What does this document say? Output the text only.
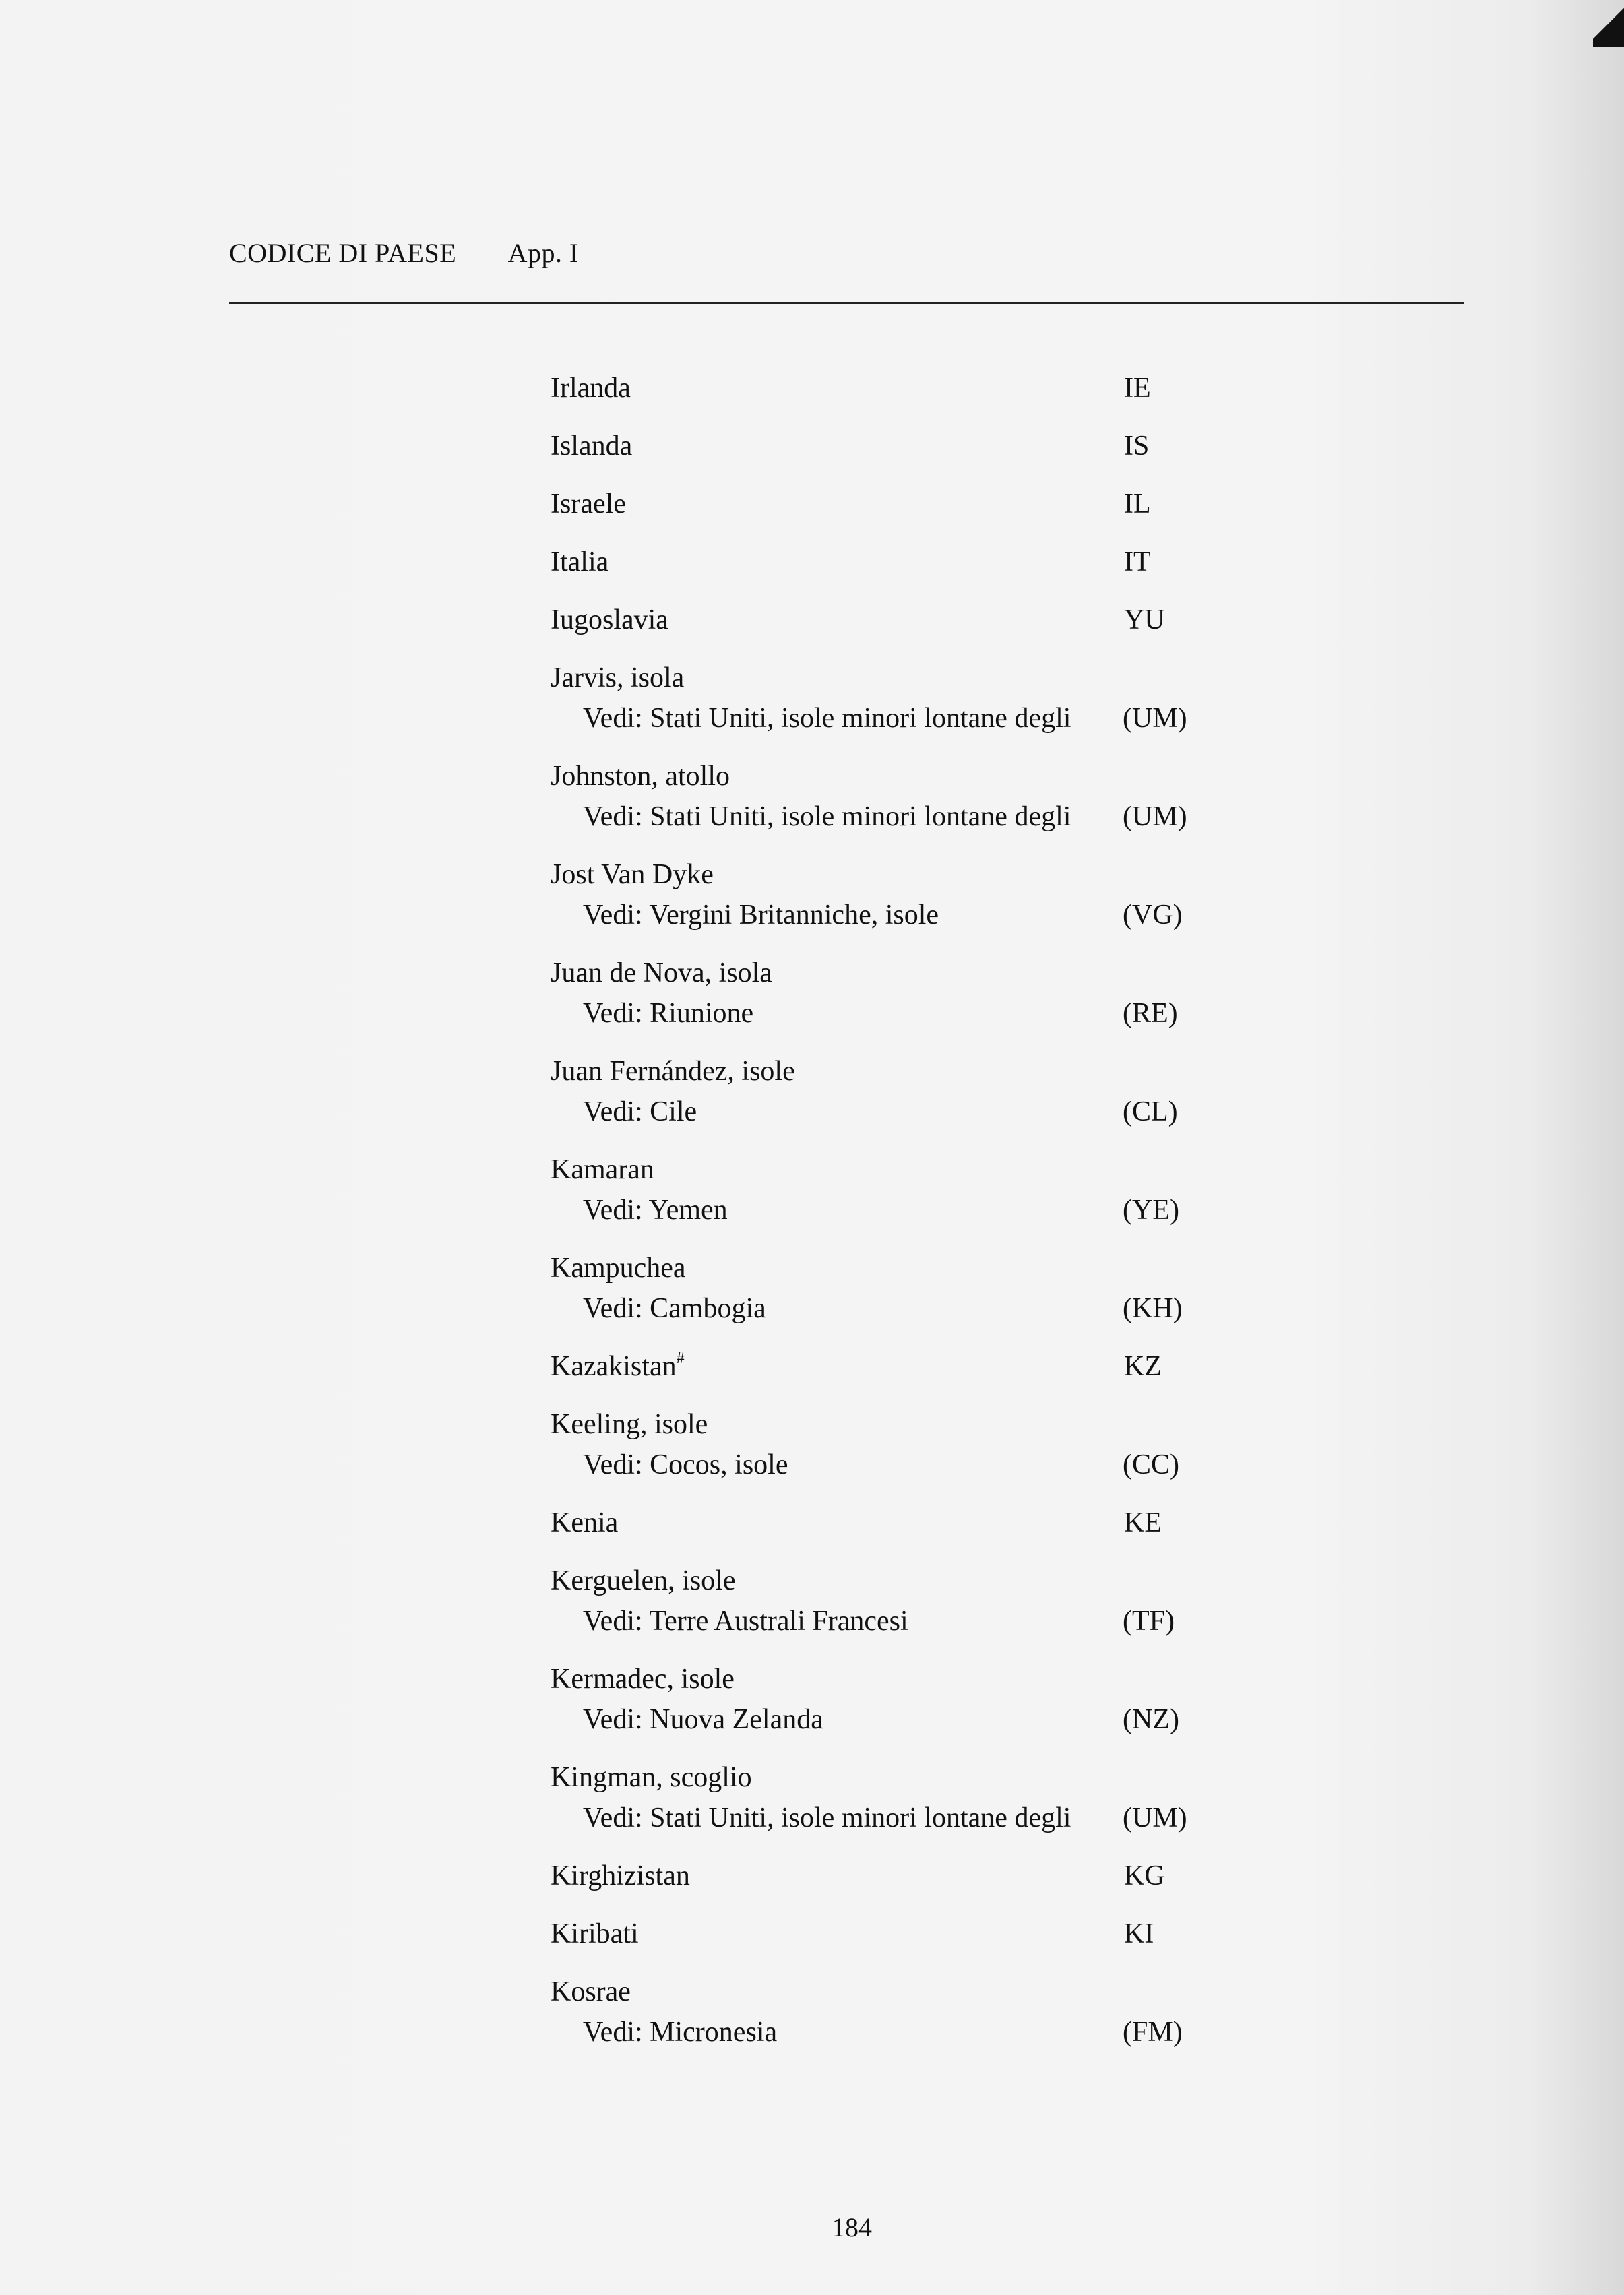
CODICE DI PAESE App. I
Irlanda	IE
Islanda	IS
Israele	IL
Italia	IT
Iugoslavia	YU
Jarvis, isola
Vedi: Stati Uniti, isole minori lontane degli (UM)
Johnston, atollo
Vedi: Stati Uniti, isole minori lontane degli (UM)
Jost Van Dyke
Vedi: Vergini Britanniche, isole	(VG)
Juan de Nova, isola
Vedi: Riunione	(RE)
Juan Fernández, isole
Vedi: Cile	(CL)
Kamaran
Vedi: Yemen	(YE)
Kampuchea
Vedi: Cambogia	(KH)
Kazakistan#	KZ
Keeling, isole
Vedi: Cocos, isole	(CC)
Kenia	KE
Kerguelen, isole
Vedi: Terre Australi Francesi	(TF)
Kermadec, isole
Vedi: Nuova Zelanda	(NZ)
Kingman, scoglio
Vedi: Stati Uniti, isole minori lontane degli (UM)
Kirghizistan	KG
Kiribati	KI
Kosrae
Vedi: Micronesia	(FM)
184
